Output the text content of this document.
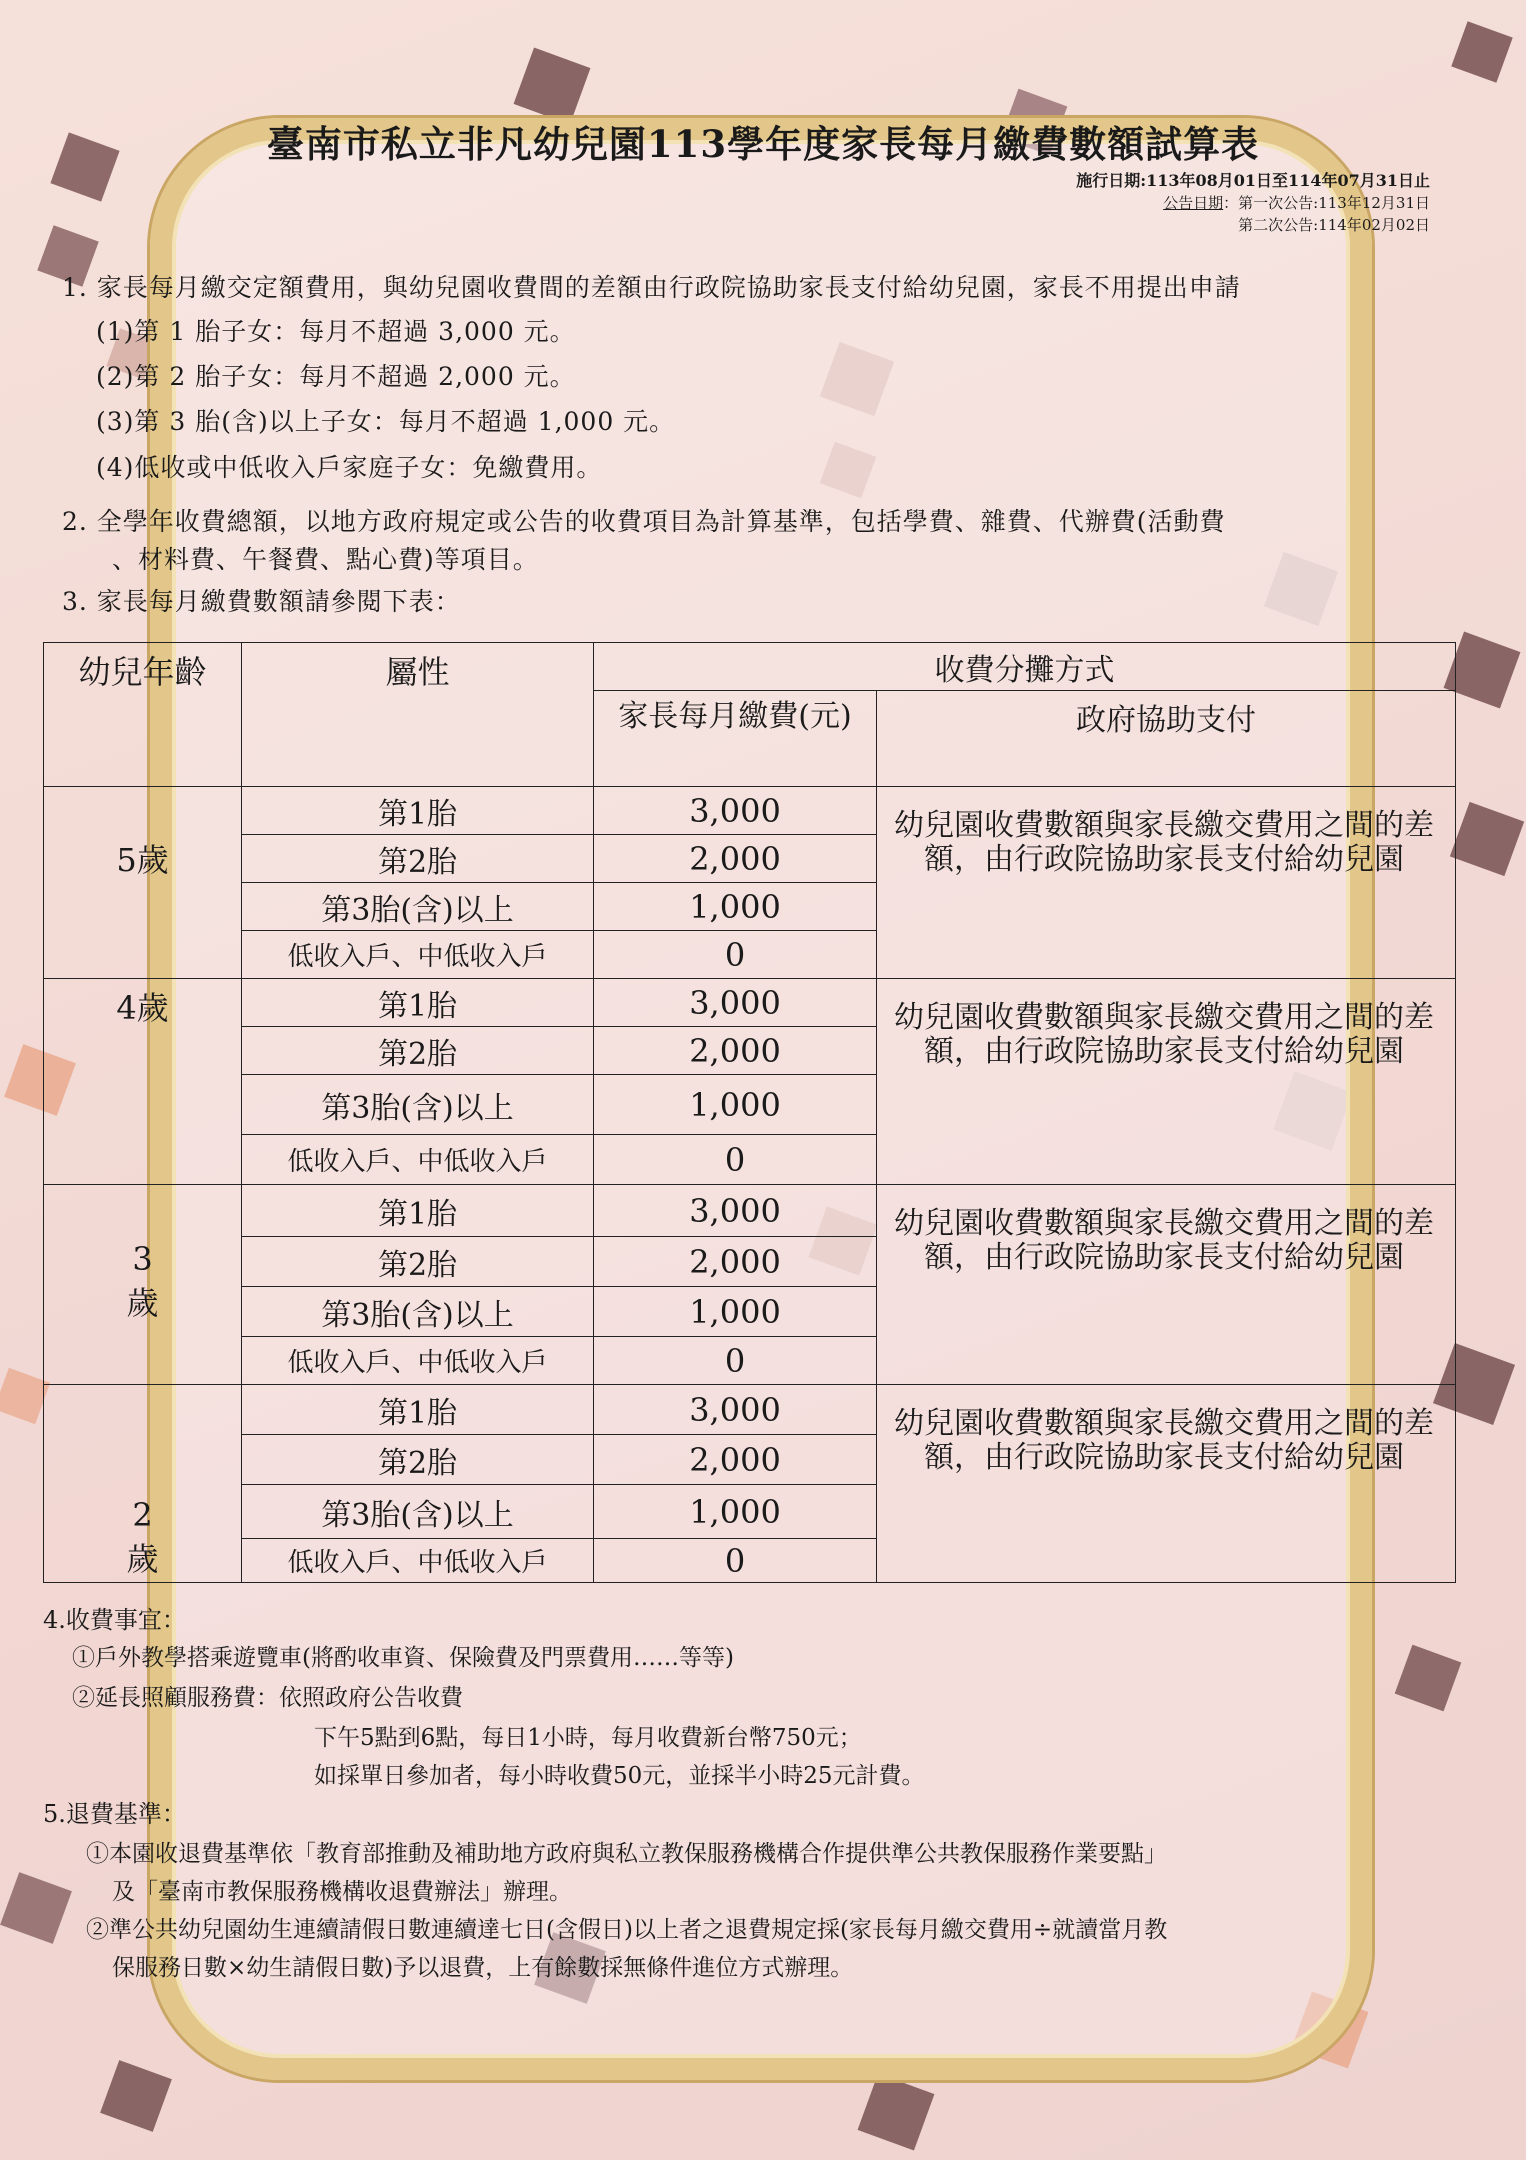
臺南市私立非凡幼兒園113學年度家長每月繳費數額試算表
施行日期:113年08月01日至114年07月31日止
公告日期：第一次公告:113年12月31日
第二次公告:114年02月02日

1. 家長每月繳交定額費用，與幼兒園收費間的差額由行政院協助家長支付給幼兒園，家長不用提出申請

(1)第 1 胎子女：每月不超過 3,000 元。

(2)第 2 胎子女：每月不超過 2,000 元。

(3)第 3 胎(含)以上子女：每月不超過 1,000 元。

(4)低收或中低收入戶家庭子女：免繳費用。

2. 全學年收費總額，以地方政府規定或公告的收費項目為計算基準，包括學費、雜費、代辦費(活動費

、材料費、午餐費、點心費)等項目。

3. 家長每月繳費數額請參閱下表：

幼兒年齡	屬性	收費分攤方式	
		家長每月繳費(元)	政府協助支付
5歲	第1胎	3,000	幼兒園收費數額與家長繳交費用之間的差額，由行政院協助家長支付給幼兒園
	第2胎	2,000	
	第3胎(含)以上	1,000	
	低收入戶、中低收入戶	0	
4歲	第1胎	3,000	幼兒園收費數額與家長繳交費用之間的差額，由行政院協助家長支付給幼兒園
	第2胎	2,000	
	第3胎(含)以上	1,000	
	低收入戶、中低收入戶	0	

3歲	第1胎	3,000	幼兒園收費數額與家長繳交費用之間的差額，由行政院協助家長支付給幼兒園
	第2胎	2,000	
	第3胎(含)以上	1,000	
	低收入戶、中低收入戶	0	

2歲	第1胎	3,000	幼兒園收費數額與家長繳交費用之間的差額，由行政院協助家長支付給幼兒園
	第2胎	2,000	
	第3胎(含)以上	1,000	
	低收入戶、中低收入戶	0	

4.收費事宜：

①戶外教學搭乘遊覽車(將酌收車資、保險費及門票費用……等等)

②延長照顧服務費：依照政府公告收費

下午5點到6點，每日1小時，每月收費新台幣750元；

如採單日參加者，每小時收費50元，並採半小時25元計費。

5.退費基準：

①本園收退費基準依「教育部推動及補助地方政府與私立教保服務機構合作提供準公共教保服務作業要點」

及「臺南市教保服務機構收退費辦法」辦理。

②準公共幼兒園幼生連續請假日數連續達七日(含假日)以上者之退費規定採(家長每月繳交費用÷就讀當月教

保服務日數×幼生請假日數)予以退費，上有餘數採無條件進位方式辦理。
